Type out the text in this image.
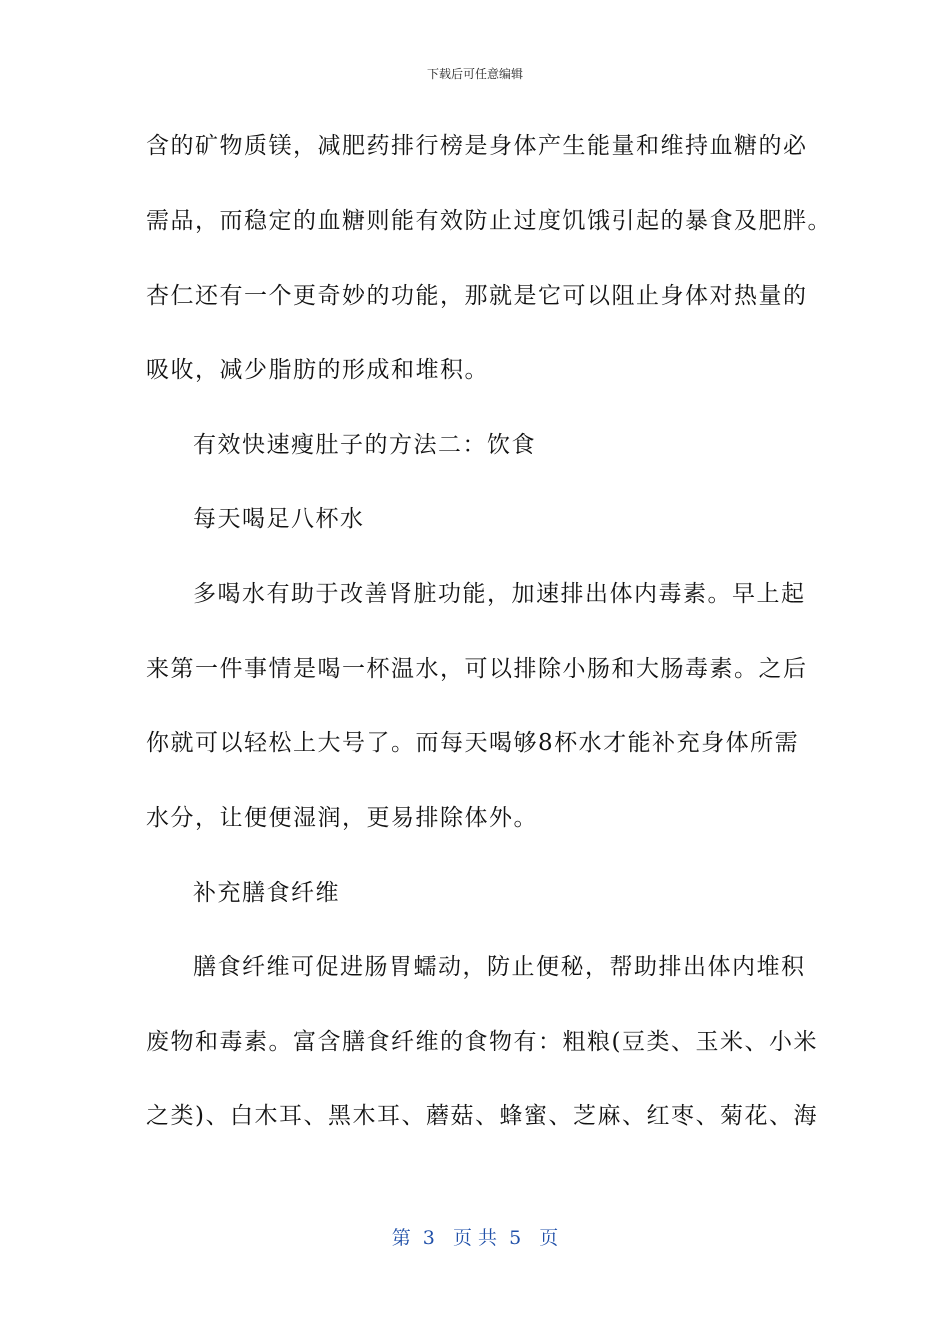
下载后可任意编辑
含的矿物质镁，减肥药排行榜是身体产生能量和维持血糖的必
需品，而稳定的血糖则能有效防止过度饥饿引起的暴食及肥胖。
杏仁还有一个更奇妙的功能，那就是它可以阻止身体对热量的
吸收，减少脂肪的形成和堆积。
有效快速瘦肚子的方法二：饮食
每天喝足八杯水
多喝水有助于改善肾脏功能，加速排出体内毒素。早上起
来第一件事情是喝一杯温水，可以排除小肠和大肠毒素。之后
你就可以轻松上大号了。而每天喝够8杯水才能补充身体所需
水分，让便便湿润，更易排除体外。
补充膳食纤维
膳食纤维可促进肠胃蠕动，防止便秘，帮助排出体内堆积
废物和毒素。富含膳食纤维的食物有：粗粮(豆类、玉米、小米
之类)、白木耳、黑木耳、蘑菇、蜂蜜、芝麻、红枣、菊花、海
第  3   页 共  5   页
